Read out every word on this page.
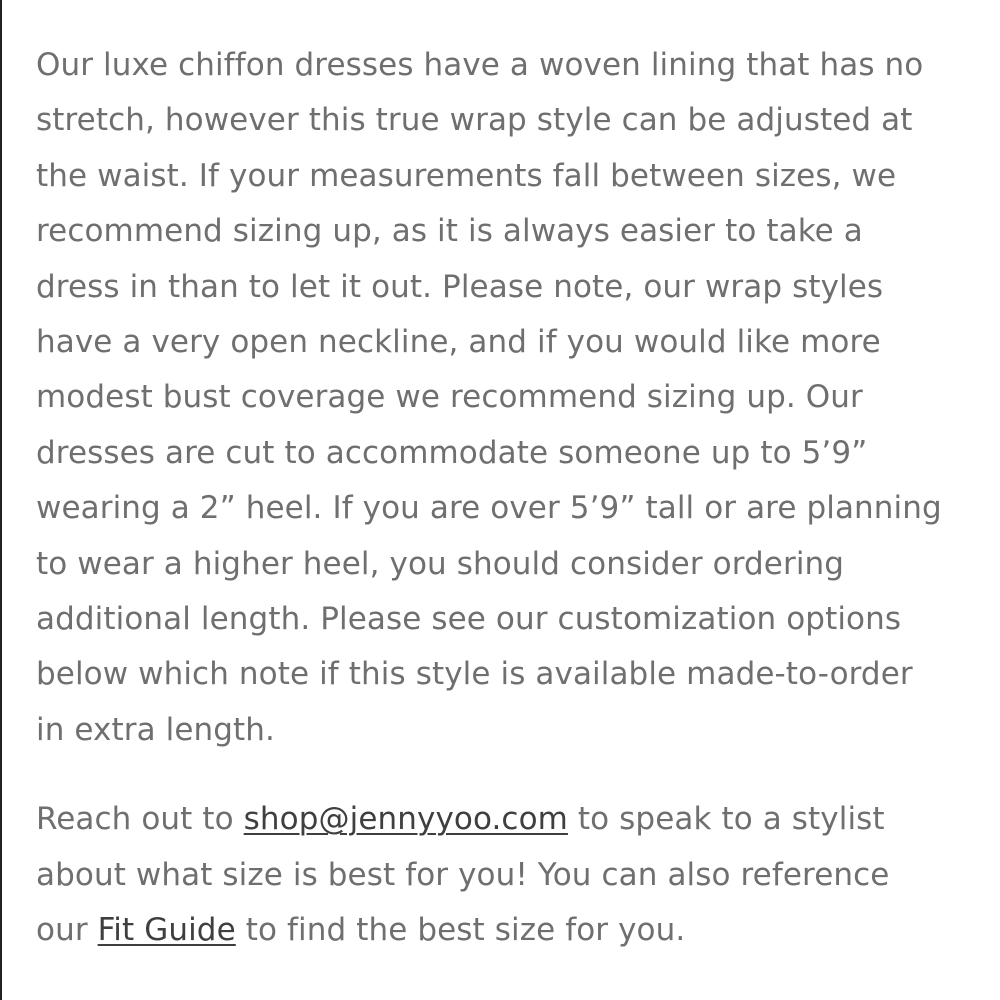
Our luxe chiffon dresses have a woven lining that has no
stretch, however this true wrap style can be adjusted at
the waist. If your measurements fall between sizes, we
recommend sizing up, as it is always easier to take a
dress in than to let it out. Please note, our wrap styles
have a very open neckline, and if you would like more
modest bust coverage we recommend sizing up. Our
dresses are cut to accommodate someone up to 5’9”
wearing a 2” heel. If you are over 5’9” tall or are planning
to wear a higher heel, you should consider ordering
additional length. Please see our customization options
below which note if this style is available made-to-order
in extra length.

Reach out to shop@jennyyoo.com to speak to a stylist
about what size is best for you! You can also reference
our Fit Guide to find the best size for you.
